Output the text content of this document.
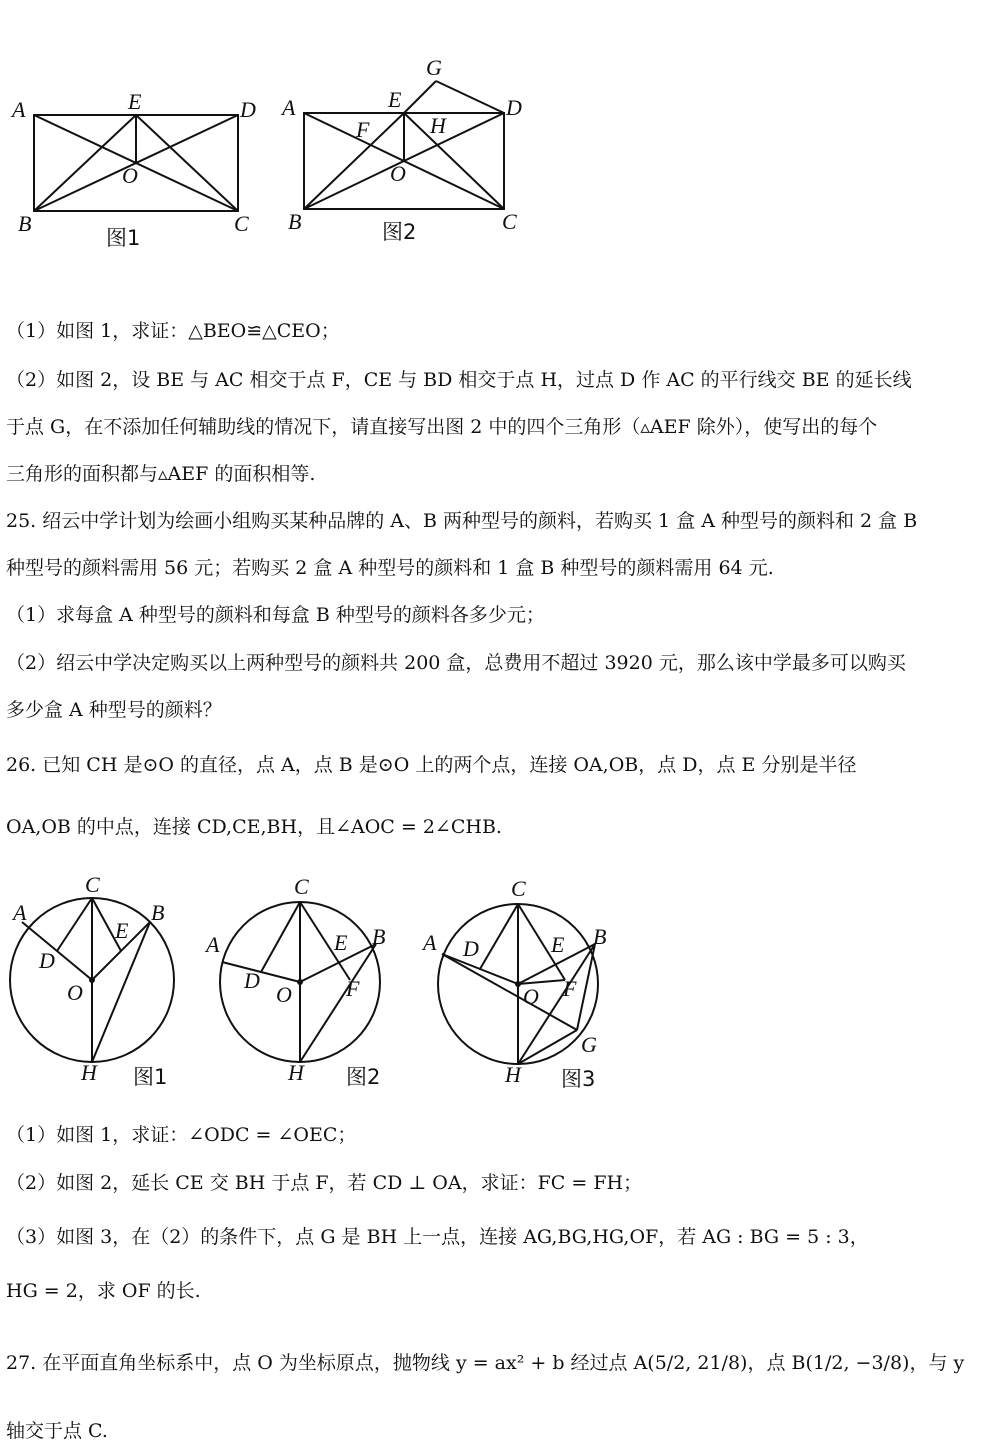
A	E	D
O
B	C
图1
A	E
G
D
F	H
O
B	C
图2
（1）如图 1，求证：△BEO≌△CEO；
（2）如图 2，设 BE 与 AC 相交于点 F，CE 与 BD 相交于点 H，过点 D 作 AC 的平行线交 BE 的延长线
于点 G，在不添加任何辅助线的情况下，请直接写出图 2 中的四个三角形（▵AEF 除外），使写出的每个
三角形的面积都与▵AEF 的面积相等.
25. 绍云中学计划为绘画小组购买某种品牌的 A、B 两种型号的颜料，若购买 1 盒 A 种型号的颜料和 2 盒 B
种型号的颜料需用 56 元；若购买 2 盒 A 种型号的颜料和 1 盒 B 种型号的颜料需用 64 元.
（1）求每盒 A 种型号的颜料和每盒 B 种型号的颜料各多少元；
（2）绍云中学决定购买以上两种型号的颜料共 200 盒，总费用不超过 3920 元，那么该中学最多可以购买
多少盒 A 种型号的颜料？
26. 已知 CH 是⊙O 的直径，点 A，点 B 是⊙O 上的两个点，连接 OA,OB，点 D，点 E 分别是半径
OA,OB 的中点，连接 CD,CE,BH，且∠AOC = 2∠CHB.
C
A	B
E
D
O
H 图1
C
A	B
E
D
O F
H 图2
C
A	B
E
D
O F
G
H 图3
（1）如图 1，求证：∠ODC = ∠OEC；
（2）如图 2，延长 CE 交 BH 于点 F，若 CD ⊥ OA，求证：FC = FH；
（3）如图 3，在（2）的条件下，点 G 是 BH 上一点，连接 AG,BG,HG,OF，若 AG : BG = 5 : 3，
HG = 2，求 OF 的长.
27. 在平面直角坐标系中，点 O 为坐标原点，抛物线 y = ax² + b 经过点 A(5/2, 21/8)，点 B(1/2, −3/8)，与 y
轴交于点 C.
